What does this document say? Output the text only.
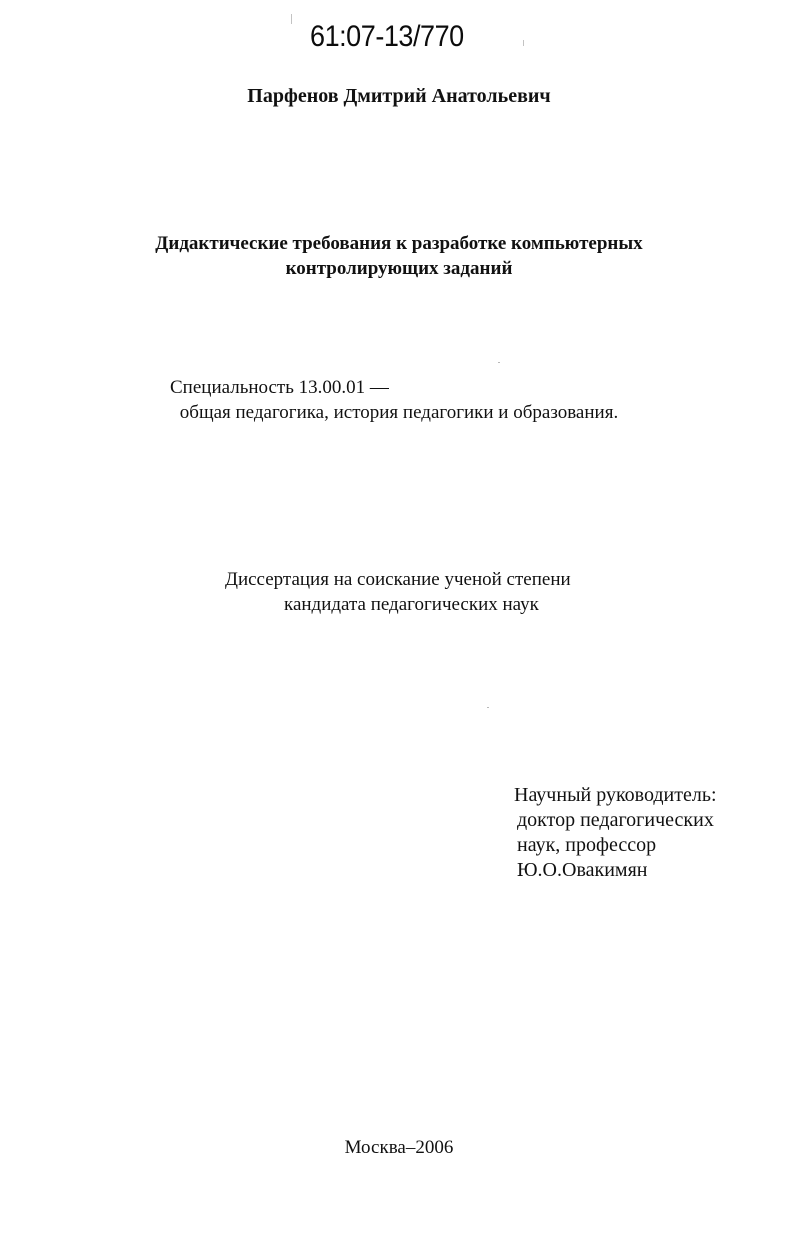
61:07-13/770
Парфенов Дмитрий Анатольевич
Дидактические требования к разработке компьютерных
контролирующих заданий
Специальность 13.00.01 —
общая педагогика, история педагогики и образования.
Диссертация на соискание ученой степени
кандидата педагогических наук
Научный руководитель:
доктор педагогических
наук, профессор
Ю.О.Овакимян
Москва–2006
